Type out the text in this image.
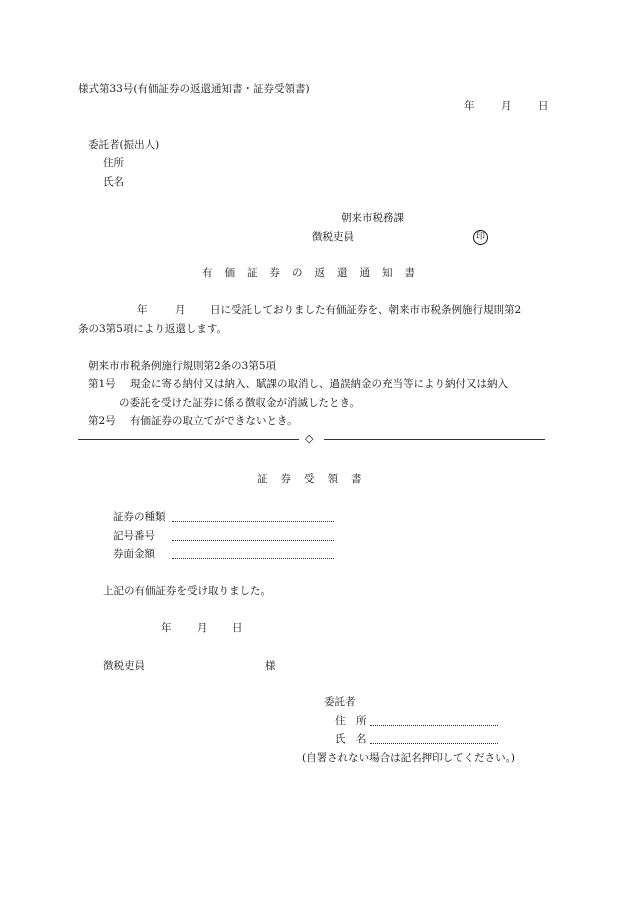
様式第33号(有価証券の返還通知書・証券受領書)
年	月	日
委託者(振出人)
住所
氏名
朝来市税務課
徴税吏員	印
有価証券の返還通知書
年	月 日に受託しておりました有価証券を、朝来市市税条例施行規則第2
条の3第5項により返還します。
朝来市市税条例施行規則第2条の3第5項
第1号 現金に寄る納付又は納入、賦課の取消し、過誤納金の充当等により納付又は納入
の委託を受けた証券に係る徴収金が消滅したとき。
第2号 有価証券の取立てができないとき。
◇
証券受領書
証券の種類
記号番号
券面金額
上記の有価証券を受け取りました。
年 月 日
徴税吏員	様
委託者
住　所
氏　名
(自署されない場合は記名押印してください。)
